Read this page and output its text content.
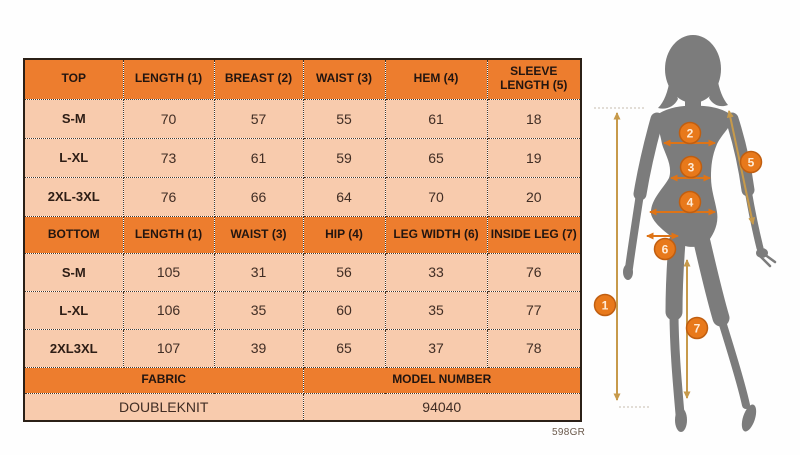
TOP	LENGTH (1)	BREAST (2)	WAIST (3)	HEM (4)	SLEEVE LENGTH (5)
S-M	70	57	55	61	18
L-XL	73	61	59	65	19
2XL-3XL	76	66	64	70	20
BOTTOM	LENGTH (1)	WAIST (3)	HIP (4)	LEG WIDTH (6)	INSIDE LEG (7)
S-M	105	31	56	33	76
L-XL	106	35	60	35	77
2XL3XL	107	39	65	37	78
FABRIC			MODEL NUMBER		
DOUBLEKNIT			94040		
598GR
1
2
3
4
5
6
7
